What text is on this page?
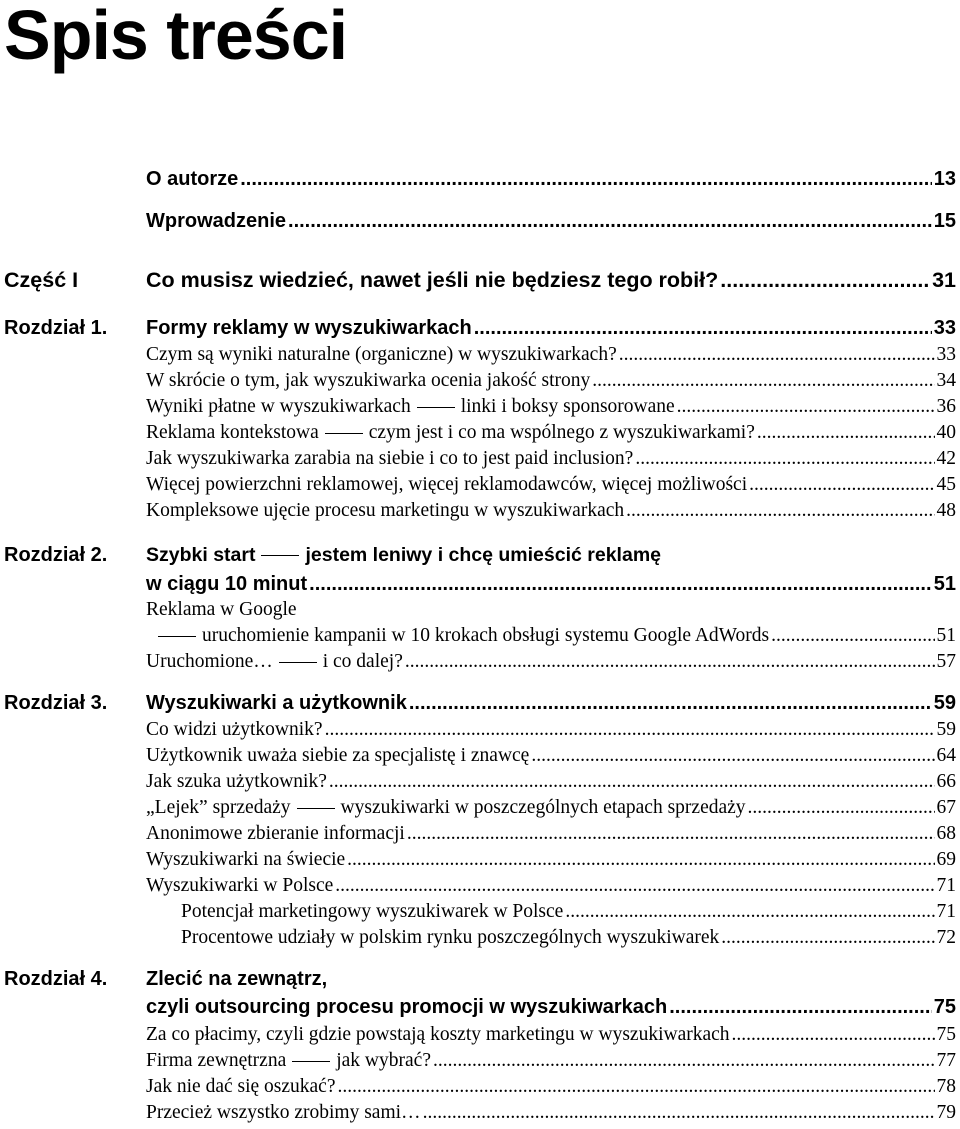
Spis treści
O autorze .....	13
Wprowadzenie .....	15
Część I	Co musisz wiedzieć, nawet jeśli nie będziesz tego robił? .....	31
Rozdział 1. Formy reklamy w wyszukiwarkach .....	33
Czym są wyniki naturalne (organiczne) w wyszukiwarkach? .....	33
W skrócie o tym, jak wyszukiwarka ocenia jakość strony .....	34
Wyniki płatne w wyszukiwarkach	linki i boksy sponsorowane .....	36
Reklama kontekstowa	czym jest i co ma wspólnego z wyszukiwarkami? .....	40
Jak wyszukiwarka zarabia na siebie i co to jest paid inclusion? .....	42
Więcej powierzchni reklamowej, więcej reklamodawców, więcej możliwości .....	45
Kompleksowe ujęcie procesu marketingu w wyszukiwarkach .....	48
Rozdział 2. Szybki start	jestem leniwy i chcę umieścić reklamę
w ciągu 10 minut .....	51
Reklama w Google
uruchomienie kampanii w 10 krokach obsługi systemu Google AdWords .....	51
Uruchomione…	i co dalej? .....	57
Rozdział 3. Wyszukiwarki a użytkownik .....	59
Co widzi użytkownik? .....	59
Użytkownik uważa siebie za specjalistę i znawcę .....	64
Jak szuka użytkownik? .....	66
„Lejek” sprzedaży	wyszukiwarki w poszczególnych etapach sprzedaży .....	67
Anonimowe zbieranie informacji .....	68
Wyszukiwarki na świecie .....	69
Wyszukiwarki w Polsce .....	71
Potencjał marketingowy wyszukiwarek w Polsce .....	71
Procentowe udziały w polskim rynku poszczególnych wyszukiwarek .....	72
Rozdział 4. Zlecić na zewnątrz,
czyli outsourcing procesu promocji w wyszukiwarkach .....	75
Za co płacimy, czyli gdzie powstają koszty marketingu w wyszukiwarkach .....	75
Firma zewnętrzna	jak wybrać? .....	77
Jak nie dać się oszukać? .....	78
Przecież wszystko zrobimy sami… .....	79
